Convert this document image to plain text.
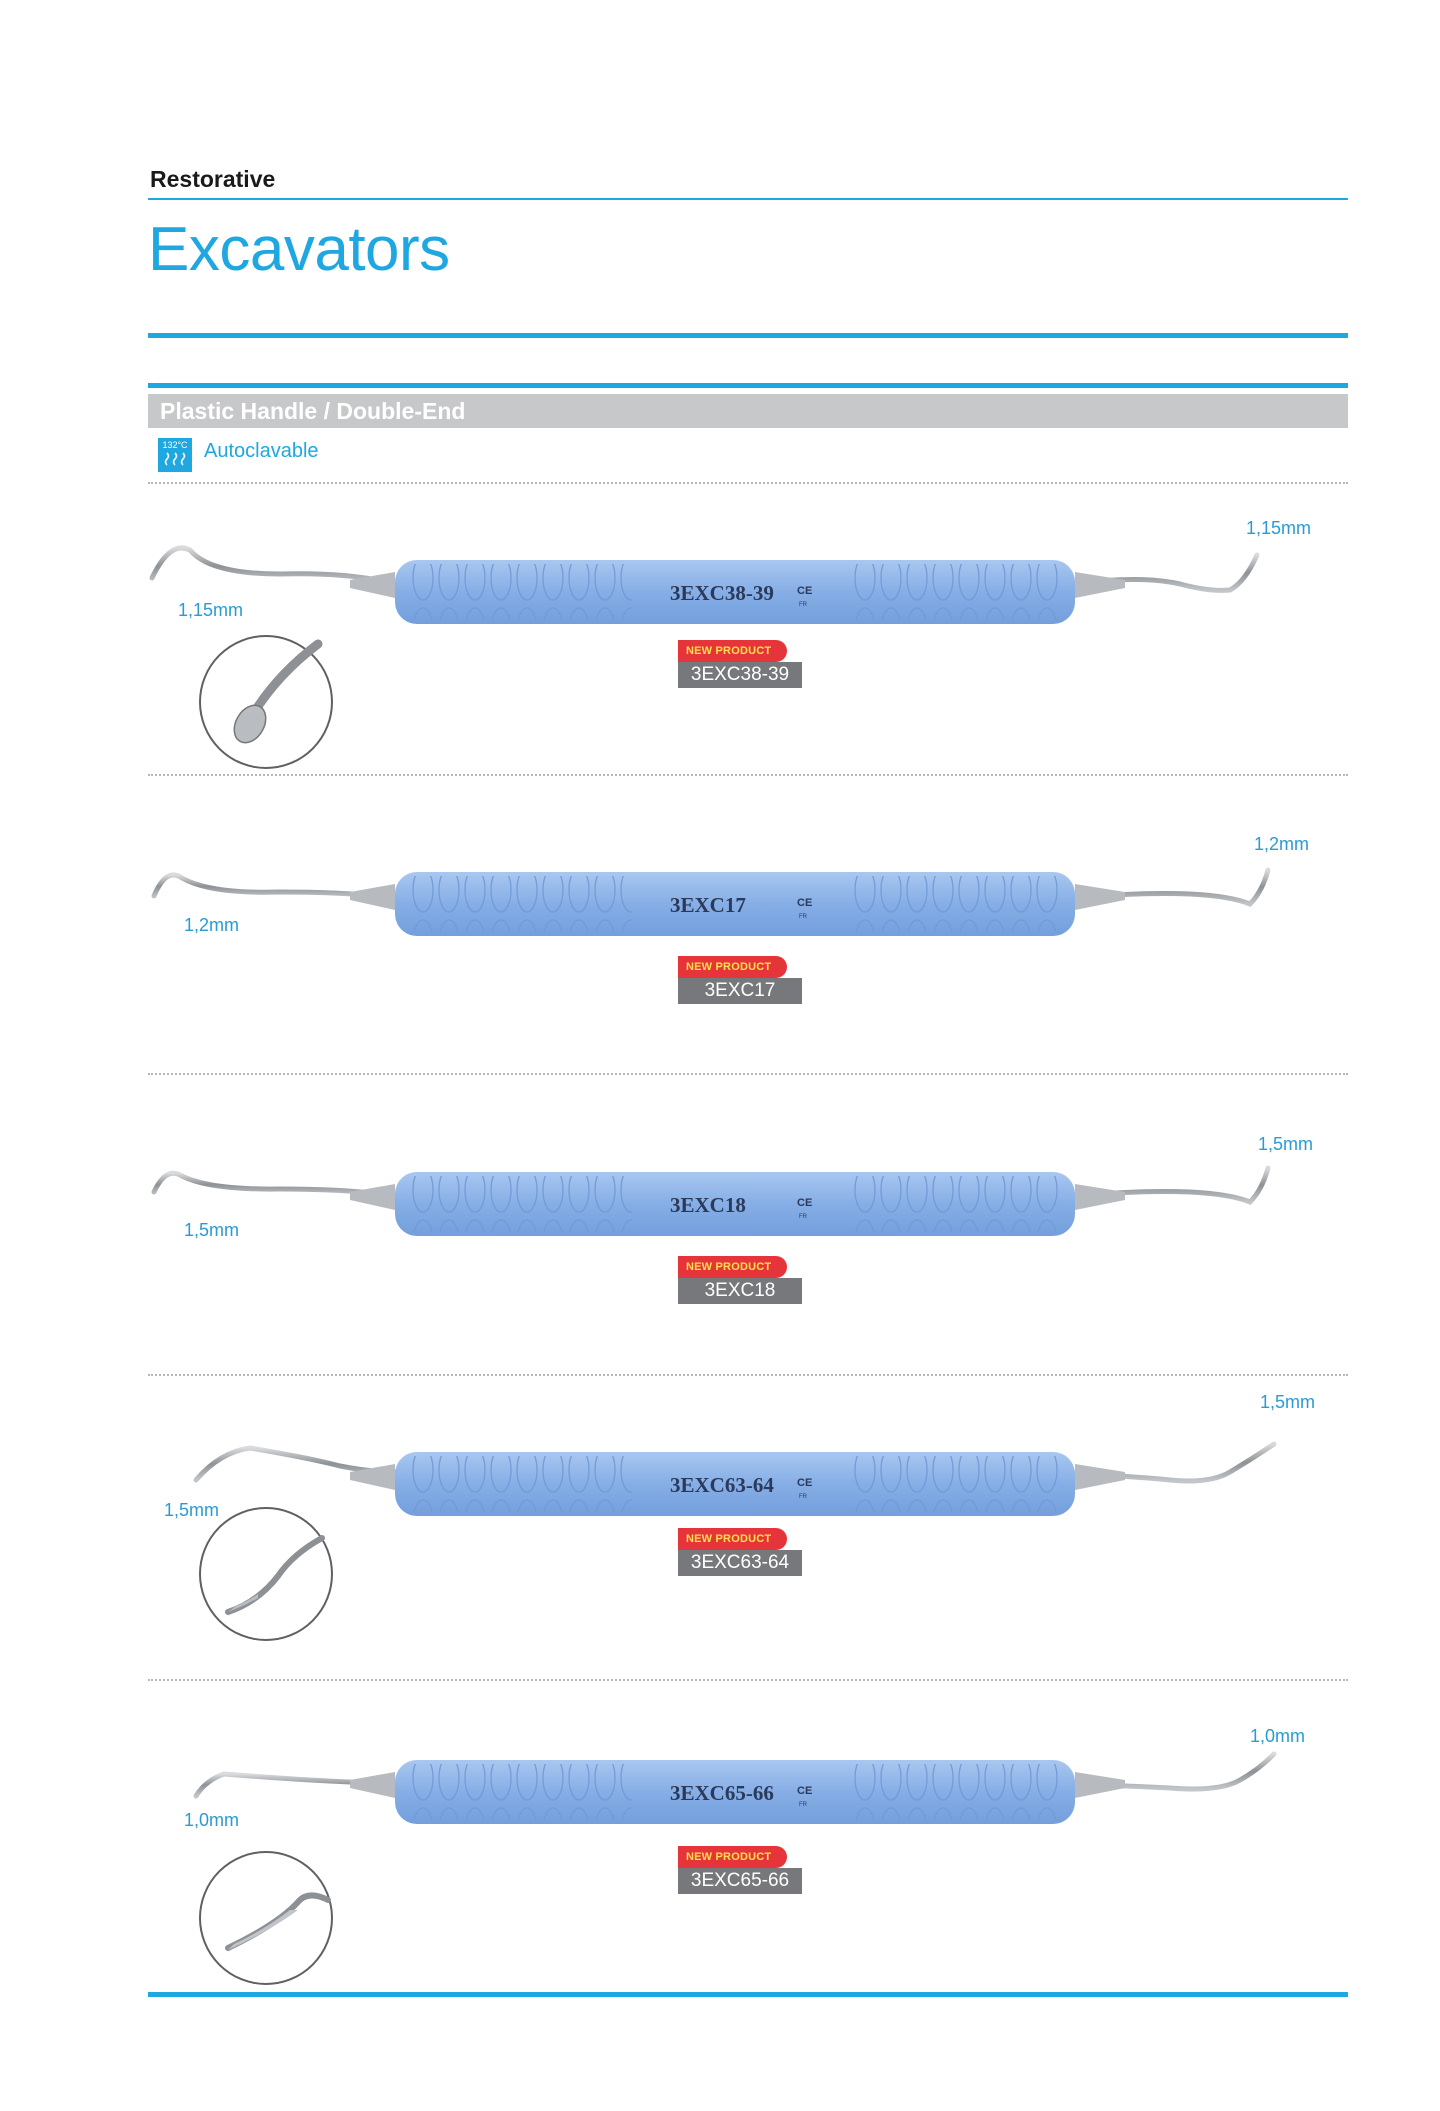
Restorative
Excavators
Plastic Handle / Double-End
132°C Autoclavable
3EXC38-39 CE
FR
1,15mm
1,15mm
NEW PRODUCT
3EXC38-39
3EXC17	CE
FR
1,2mm
1,2mm
NEW PRODUCT
3EXC17
3EXC18	CE
FR
1,5mm
1,5mm
NEW PRODUCT
3EXC18
3EXC63-64 CE
FR
1,5mm
1,5mm
NEW PRODUCT
3EXC63-64
3EXC65-66 CE
FR
1,0mm
1,0mm
NEW PRODUCT
3EXC65-66
